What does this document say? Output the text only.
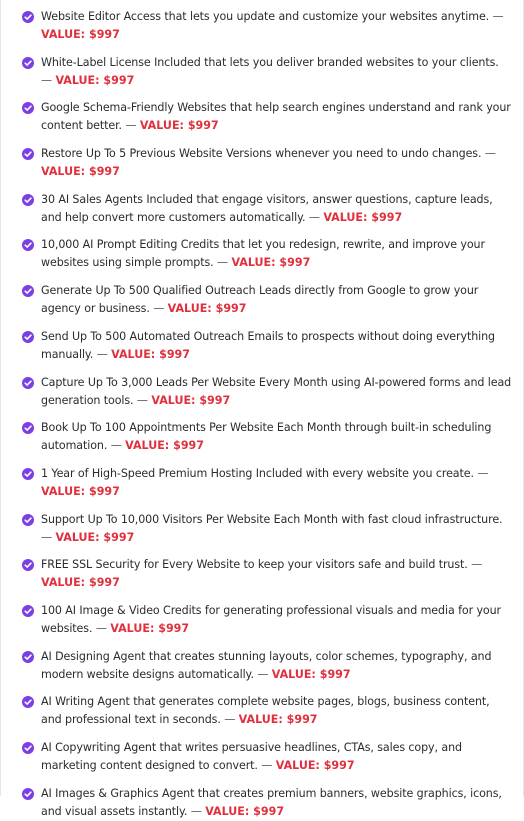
Website Editor Access that lets you update and customize your websites anytime. — VALUE: $997
White-Label License Included that lets you deliver branded websites to your clients. — VALUE: $997
Google Schema-Friendly Websites that help search engines understand and rank your content better. — VALUE: $997
Restore Up To 5 Previous Website Versions whenever you need to undo changes. — VALUE: $997
30 AI Sales Agents Included that engage visitors, answer questions, capture leads, and help convert more customers automatically. — VALUE: $997
10,000 AI Prompt Editing Credits that let you redesign, rewrite, and improve your websites using simple prompts. — VALUE: $997
Generate Up To 500 Qualified Outreach Leads directly from Google to grow your agency or business. — VALUE: $997
Send Up To 500 Automated Outreach Emails to prospects without doing everything manually. — VALUE: $997
Capture Up To 3,000 Leads Per Website Every Month using AI-powered forms and lead generation tools. — VALUE: $997
Book Up To 100 Appointments Per Website Each Month through built-in scheduling automation. — VALUE: $997
1 Year of High-Speed Premium Hosting Included with every website you create. — VALUE: $997
Support Up To 10,000 Visitors Per Website Each Month with fast cloud infrastructure. — VALUE: $997
FREE SSL Security for Every Website to keep your visitors safe and build trust. — VALUE: $997
100 AI Image & Video Credits for generating professional visuals and media for your websites. — VALUE: $997
AI Designing Agent that creates stunning layouts, color schemes, typography, and modern website designs automatically. — VALUE: $997
AI Writing Agent that generates complete website pages, blogs, business content, and professional text in seconds. — VALUE: $997
AI Copywriting Agent that writes persuasive headlines, CTAs, sales copy, and marketing content designed to convert. — VALUE: $997
AI Images & Graphics Agent that creates premium banners, website graphics, icons, and visual assets instantly. — VALUE: $997
